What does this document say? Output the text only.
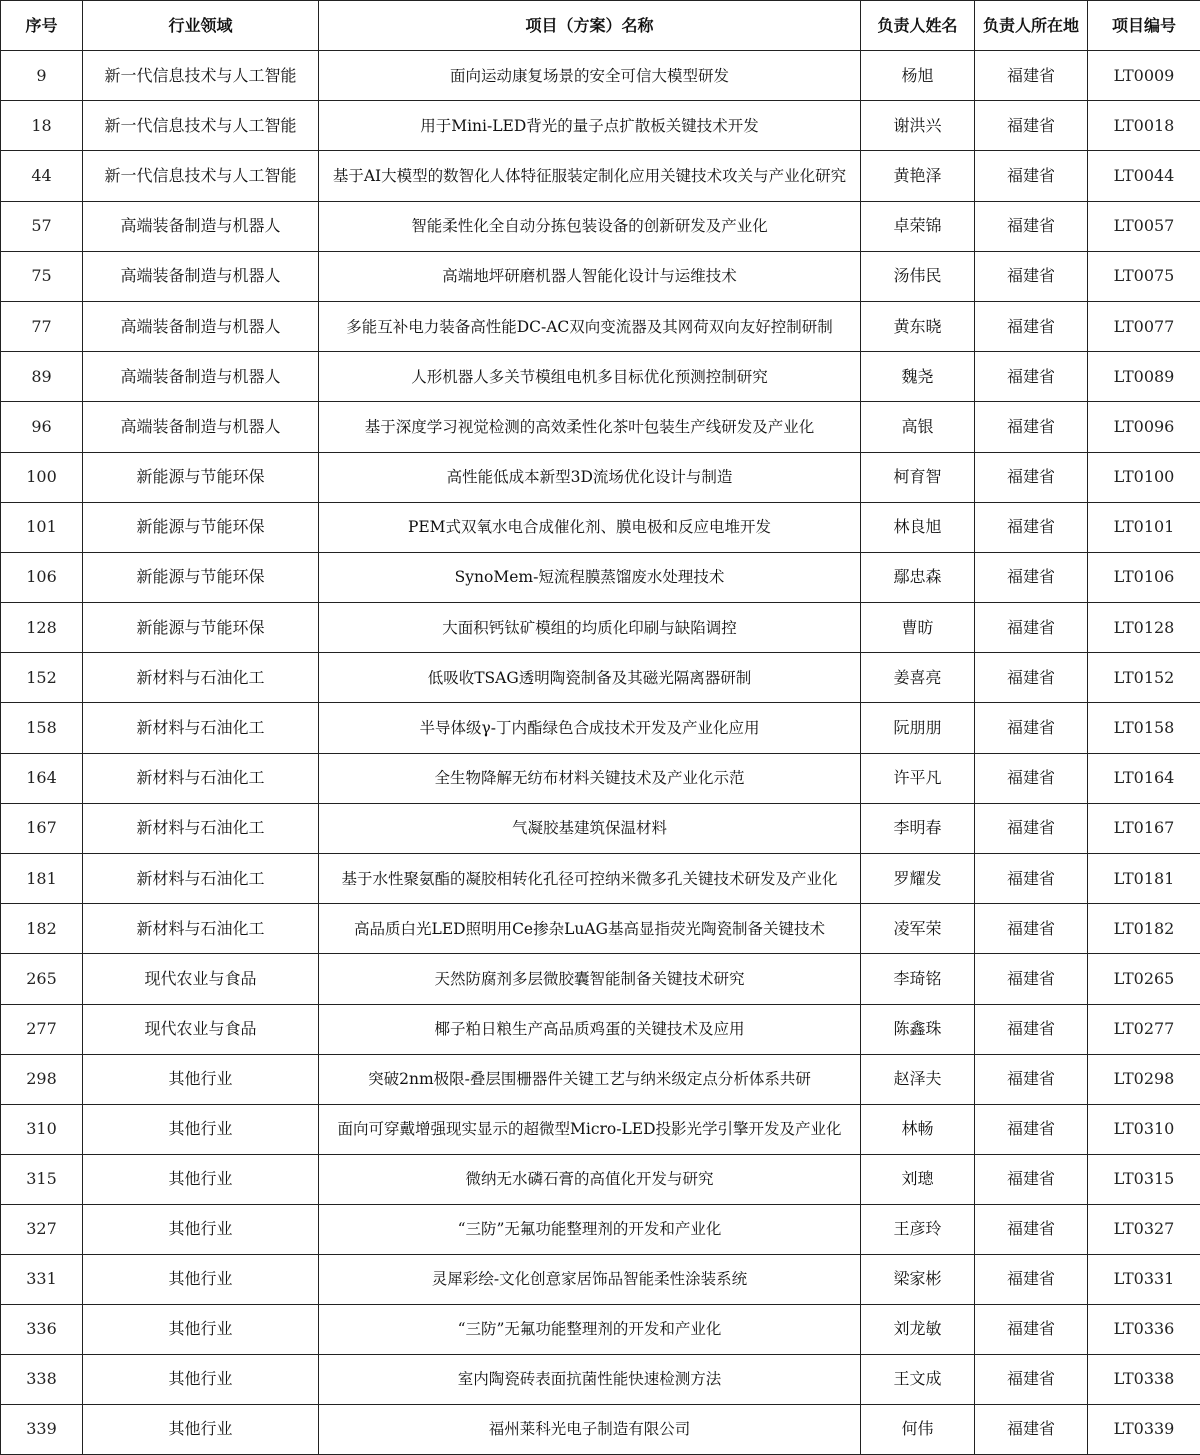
序号	行业领域	项目（方案）名称	负责人姓名	负责人所在地	项目编号
9	新一代信息技术与人工智能	面向运动康复场景的安全可信大模型研发	杨旭	福建省	LT0009
18	新一代信息技术与人工智能	用于Mini-LED背光的量子点扩散板关键技术开发	谢洪兴	福建省	LT0018
44	新一代信息技术与人工智能	基于AI大模型的数智化人体特征服装定制化应用关键技术攻关与产业化研究	黄艳泽	福建省	LT0044
57	高端装备制造与机器人	智能柔性化全自动分拣包装设备的创新研发及产业化	卓荣锦	福建省	LT0057
75	高端装备制造与机器人	高端地坪研磨机器人智能化设计与运维技术	汤伟民	福建省	LT0075
77	高端装备制造与机器人	多能互补电力装备高性能DC-AC双向变流器及其网荷双向友好控制研制	黄东晓	福建省	LT0077
89	高端装备制造与机器人	人形机器人多关节模组电机多目标优化预测控制研究	魏尧	福建省	LT0089
96	高端装备制造与机器人	基于深度学习视觉检测的高效柔性化茶叶包装生产线研发及产业化	高银	福建省	LT0096
100	新能源与节能环保	高性能低成本新型3D流场优化设计与制造	柯育智	福建省	LT0100
101	新能源与节能环保	PEM式双氧水电合成催化剂、膜电极和反应电堆开发	林良旭	福建省	LT0101
106	新能源与节能环保	SynoMem-短流程膜蒸馏废水处理技术	鄢忠森	福建省	LT0106
128	新能源与节能环保	大面积钙钛矿模组的均质化印刷与缺陷调控	曹昉	福建省	LT0128
152	新材料与石油化工	低吸收TSAG透明陶瓷制备及其磁光隔离器研制	姜喜亮	福建省	LT0152
158	新材料与石油化工	半导体级γ-丁内酯绿色合成技术开发及产业化应用	阮朋朋	福建省	LT0158
164	新材料与石油化工	全生物降解无纺布材料关键技术及产业化示范	许平凡	福建省	LT0164
167	新材料与石油化工	气凝胶基建筑保温材料	李明春	福建省	LT0167
181	新材料与石油化工	基于水性聚氨酯的凝胶相转化孔径可控纳米微多孔关键技术研发及产业化	罗耀发	福建省	LT0181
182	新材料与石油化工	高品质白光LED照明用Ce掺杂LuAG基高显指荧光陶瓷制备关键技术	凌军荣	福建省	LT0182
265	现代农业与食品	天然防腐剂多层微胶囊智能制备关键技术研究	李琦铭	福建省	LT0265
277	现代农业与食品	椰子粕日粮生产高品质鸡蛋的关键技术及应用	陈鑫珠	福建省	LT0277
298	其他行业	突破2nm极限-叠层围栅器件关键工艺与纳米级定点分析体系共研	赵泽夫	福建省	LT0298
310	其他行业	面向可穿戴增强现实显示的超微型Micro-LED投影光学引擎开发及产业化	林畅	福建省	LT0310
315	其他行业	微纳无水磷石膏的高值化开发与研究	刘璁	福建省	LT0315
327	其他行业	“三防”无氟功能整理剂的开发和产业化	王彦玲	福建省	LT0327
331	其他行业	灵犀彩绘-文化创意家居饰品智能柔性涂装系统	梁家彬	福建省	LT0331
336	其他行业	“三防”无氟功能整理剂的开发和产业化	刘龙敏	福建省	LT0336
338	其他行业	室内陶瓷砖表面抗菌性能快速检测方法	王文成	福建省	LT0338
339	其他行业	福州莱科光电子制造有限公司	何伟	福建省	LT0339
